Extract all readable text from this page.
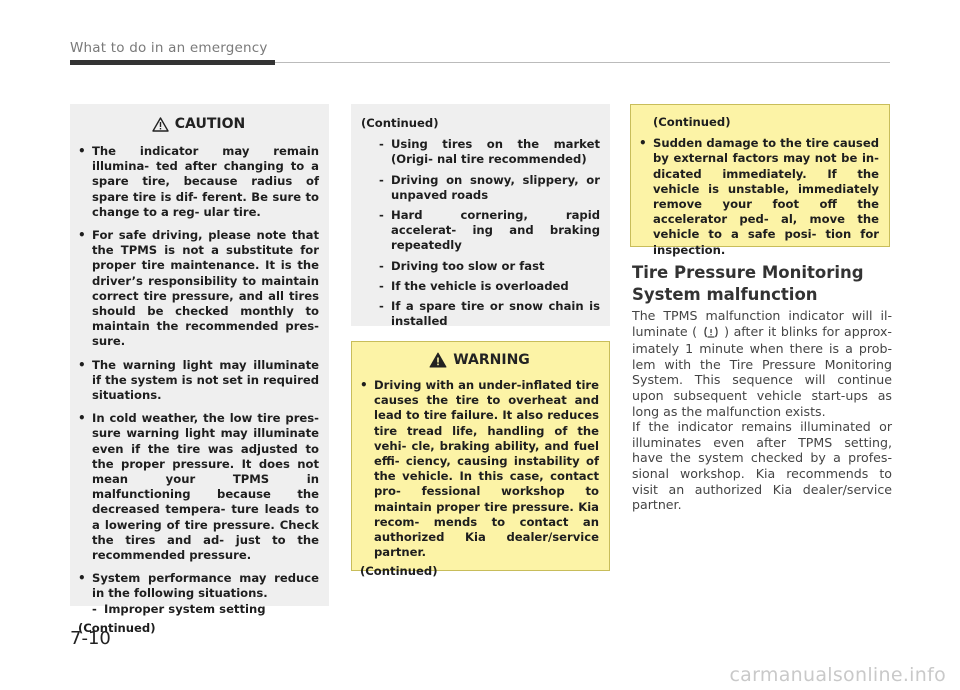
What to do in an emergency
CAUTION
• The indicator may remain illumina- ted after changing to a spare tire, because radius of spare tire is dif- ferent. Be sure to change to a reg- ular tire.
• For safe driving, please note that the TPMS is not a substitute for proper tire maintenance. It is the driver’s responsibility to maintain correct tire pressure, and all tires should be checked monthly to maintain the recommended pres- sure.
• The warning light may illuminate if the system is not set in required situations.
• In cold weather, the low tire pres- sure warning light may illuminate even if the tire was adjusted to the proper pressure. It does not mean your TPMS in malfunctioning because the decreased tempera- ture leads to a lowering of tire pressure. Check the tires and ad- just to the recommended pressure.
• System performance may reduce in the following situations.
- Improper system setting
(Continued)
(Continued)
- Using tires on the market (Origi- nal tire recommended)
- Driving on snowy, slippery, or unpaved roads
- Hard cornering, rapid accelerat- ing and braking repeatedly
- Driving too slow or fast
- If the vehicle is overloaded
- If a spare tire or snow chain is installed
WARNING
• Driving with an under-inflated tire causes the tire to overheat and lead to tire failure. It also reduces tire tread life, handling of the vehi- cle, braking ability, and fuel effi- ciency, causing instability of the vehicle. In this case, contact pro- fessional workshop to maintain proper tire pressure. Kia recom- mends to contact an authorized Kia dealer/service partner.
(Continued)
(Continued)
• Sudden damage to the tire caused by external factors may not be in- dicated immediately. If the vehicle is unstable, immediately remove your foot off the accelerator ped- al, move the vehicle to a safe posi- tion for inspection.
Tire Pressure Monitoring System malfunction
The TPMS malfunction indicator will il- luminate ( ) after it blinks for approx- imately 1 minute when there is a prob- lem with the Tire Pressure Monitoring System. This sequence will continue upon subsequent vehicle start-ups as long as the malfunction exists.
If the indicator remains illuminated or illuminates even after TPMS setting, have the system checked by a profes- sional workshop. Kia recommends to visit an authorized Kia dealer/service partner.
7-10
carmanualsonline.info
